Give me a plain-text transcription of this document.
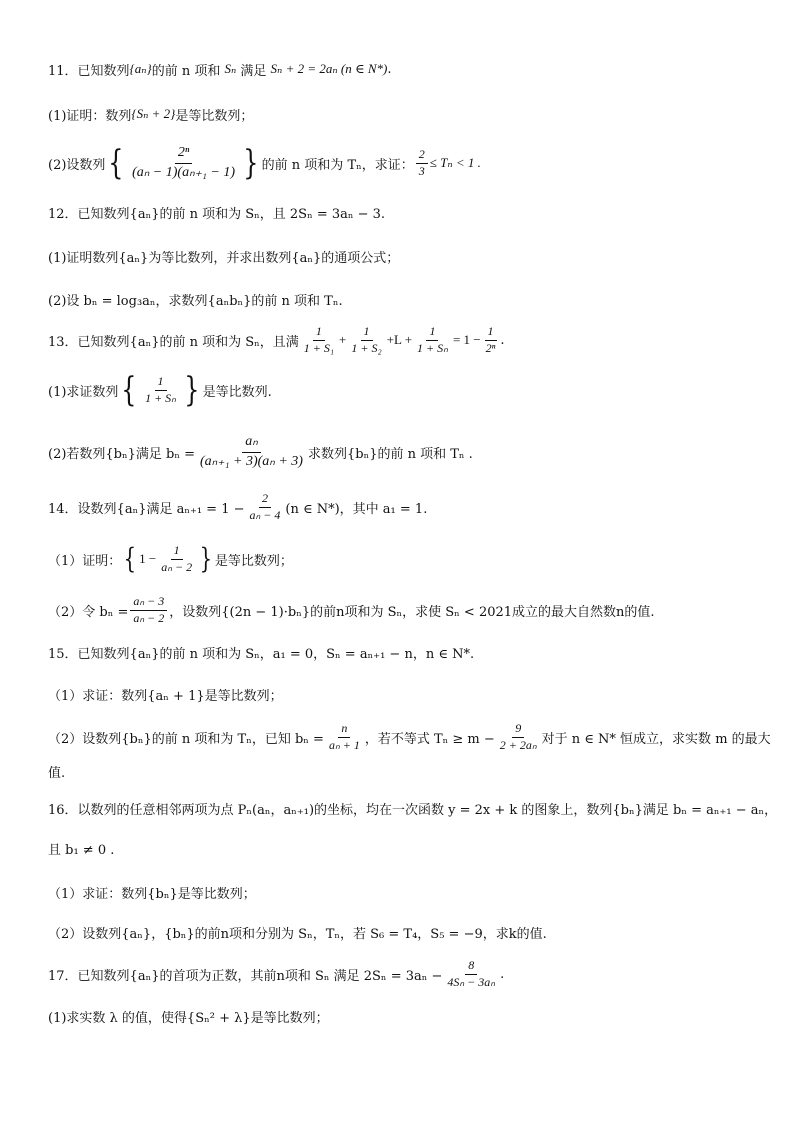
11．已知数列 {aₙ} 的前 n 项和 Sₙ 满足 Sₙ + 2 = 2aₙ (n ∈ N*) .
(1)证明：数列 {Sₙ + 2} 是等比数列；
(2)设数列 { $\frac{\text{2ⁿ}}{\text{(aₙ − 1)(aₙ₊₁ − 1)}}$ } 的前 n 项和为 Tₙ，求证： $\frac{2}{3} \le T_n < 1$ .
12．已知数列{aₙ}的前 n 项和为 Sₙ，且 2Sₙ = 3aₙ − 3.
(1)证明数列{aₙ}为等比数列，并求出数列{aₙ}的通项公式；
(2)设 bₙ = log₃aₙ，求数列{aₙbₙ}的前 n 项和 Tₙ.
13．已知数列{aₙ}的前 n 项和为 Sₙ，且满 $\frac{1}{\text{1 + S₁}} + \frac{1}{\text{1 + S₂}} +L + \frac{1}{\text{1 + Sₙ}} = 1 - \frac{1}{\text{2ⁿ}}$ .
(1)求证数列 { $\frac{1}{\text{1 + Sₙ}}$ } 是等比数列.
(2)若数列{bₙ}满足 $b_n = \frac{\text{aₙ}}{\text{(aₙ₊₁ + 3)(aₙ + 3)}}$ 求数列{bₙ}的前 n 项和 Tₙ .
14．设数列{aₙ}满足 $a_{n+1} = 1 - \frac{2}{\text{aₙ − 4}} (n$ ∈ N*)，其中 a₁ = 1.
（1）证明： { $1 - \frac{1}{\text{aₙ − 2}}$ } 是等比数列；
（2）令 $b_n = \frac{\text{aₙ − 3}}{\text{aₙ − 2}}$ ，设数列{(2n − 1)·bₙ}的前n项和为 Sₙ，求使 Sₙ < 2021成立的最大自然数n的值.
15．已知数列{aₙ}的前 n 项和为 Sₙ，a₁ = 0，Sₙ = aₙ₊₁ − n，n ∈ N*.
（1）求证：数列{aₙ + 1}是等比数列；
（2）设数列{bₙ}的前 n 项和为 Tₙ，已知 $b_n = \frac{n}{\text{aₙ + 1}}$ ，若不等式 $T_n \ge m - \frac{9}{\text{2 + 2aₙ}}$ 对于 n ∈ N* 恒成立，求实数 m 的最大
值.
16．以数列的任意相邻两项为点 Pₙ(aₙ，aₙ₊₁)的坐标，均在一次函数 y = 2x + k 的图象上，数列{bₙ}满足 bₙ = aₙ₊₁ − aₙ，
且 b₁ ≠ 0 .
（1）求证：数列{bₙ}是等比数列；
（2）设数列{aₙ}，{bₙ}的前n项和分别为 Sₙ，Tₙ，若 S₆ = T₄，S₅ = −9，求k的值.
17．已知数列{aₙ}的首项为正数，其前n项和 Sₙ 满足 $2S_n = 3a_n - \frac{8}{\text{4Sₙ − 3aₙ}}$ .
(1)求实数 λ 的值，使得{Sₙ² + λ}是等比数列；
